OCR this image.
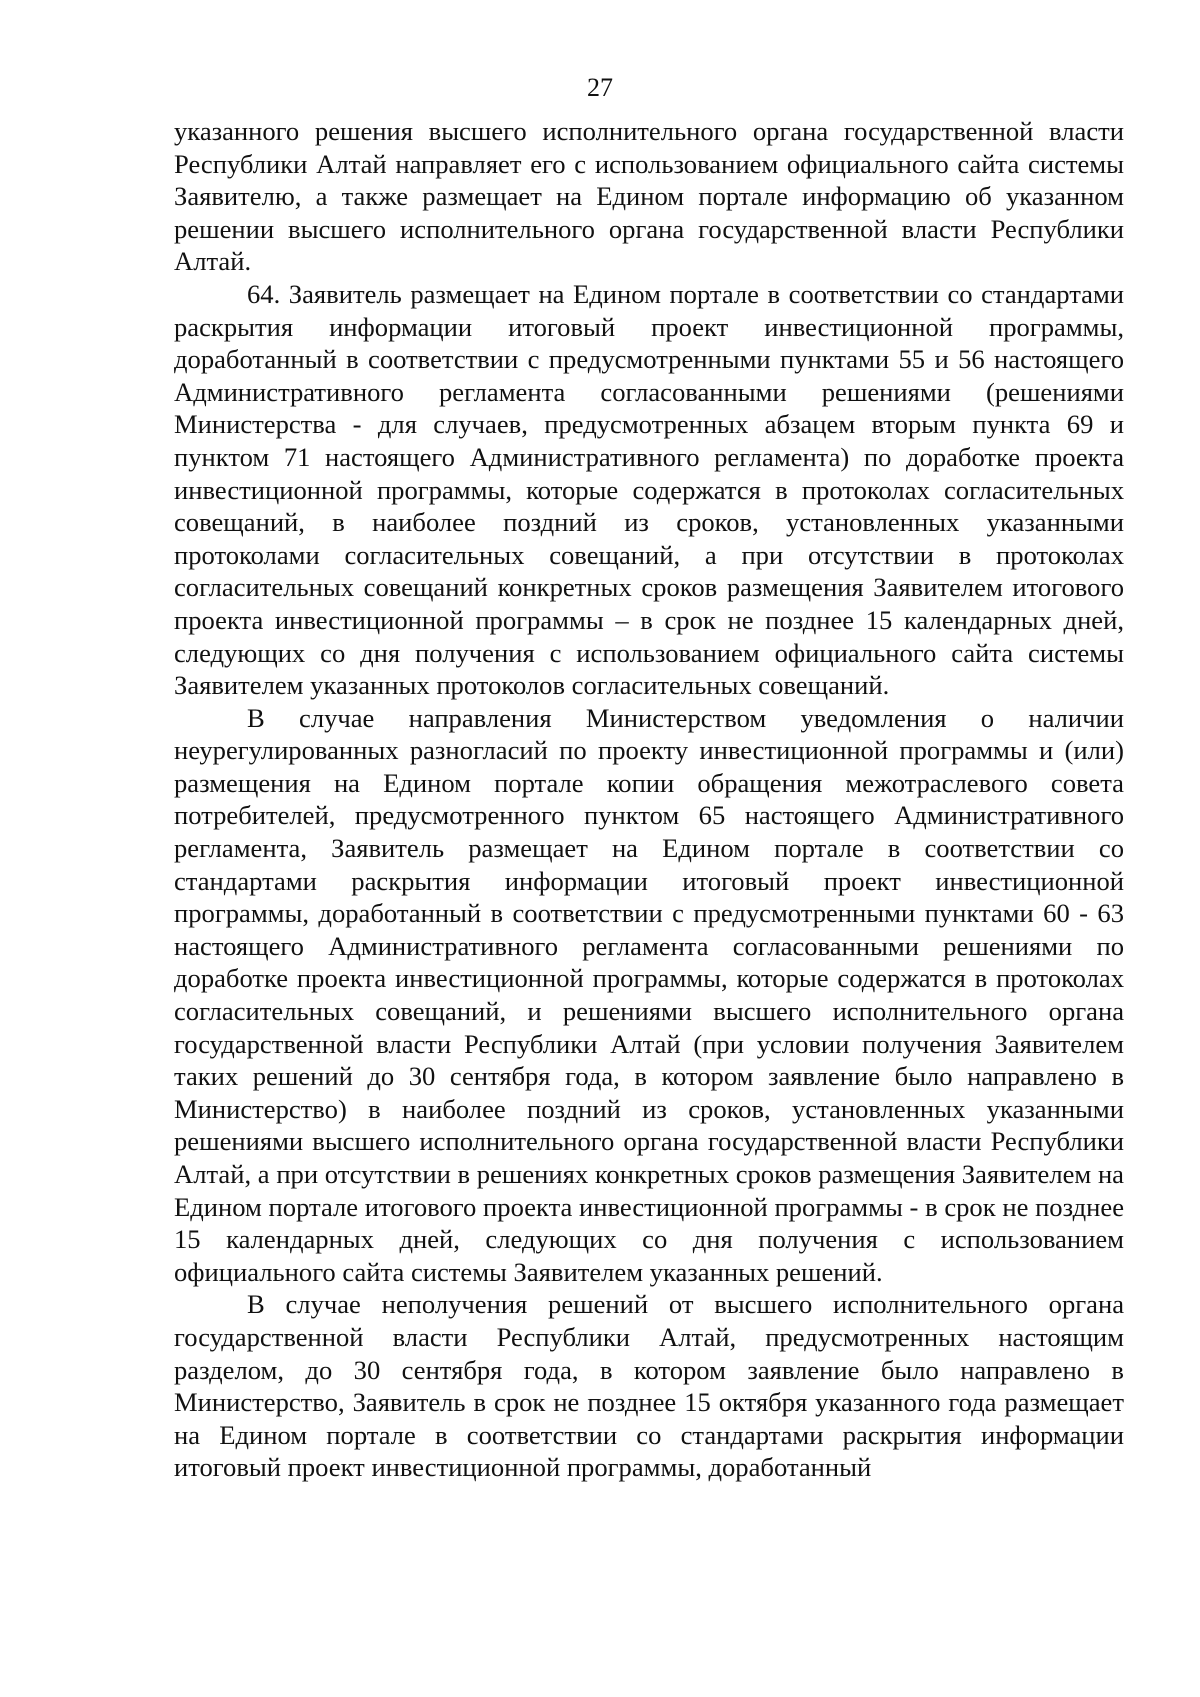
27

указанного решения высшего исполнительного органа государственной власти Республики Алтай направляет его с использованием официального сайта системы Заявителю, а также размещает на Едином портале информацию об указанном решении высшего исполнительного органа государственной власти Республики Алтай.

64. Заявитель размещает на Едином портале в соответствии со стандартами раскрытия информации итоговый проект инвестиционной программы, доработанный в соответствии с предусмотренными пунктами 55 и 56 настоящего Административного регламента согласованными решениями (решениями Министерства - для случаев, предусмотренных абзацем вторым пункта 69 и пунктом 71 настоящего Административного регламента) по доработке проекта инвестиционной программы, которые содержатся в протоколах согласительных совещаний, в наиболее поздний из сроков, установленных указанными протоколами согласительных совещаний, а при отсутствии в протоколах согласительных совещаний конкретных сроков размещения Заявителем итогового проекта инвестиционной программы – в срок не позднее 15 календарных дней, следующих со дня получения с использованием официального сайта системы Заявителем указанных протоколов согласительных совещаний.

В случае направления Министерством уведомления о наличии неурегулированных разногласий по проекту инвестиционной программы и (или) размещения на Едином портале копии обращения межотраслевого совета потребителей, предусмотренного пунктом 65 настоящего Административного регламента, Заявитель размещает на Едином портале в соответствии со стандартами раскрытия информации итоговый проект инвестиционной программы, доработанный в соответствии с предусмотренными пунктами 60 - 63 настоящего Административного регламента согласованными решениями по доработке проекта инвестиционной программы, которые содержатся в протоколах согласительных совещаний, и решениями высшего исполнительного органа государственной власти Республики Алтай (при условии получения Заявителем таких решений до 30 сентября года, в котором заявление было направлено в Министерство) в наиболее поздний из сроков, установленных указанными решениями высшего исполнительного органа государственной власти Республики Алтай, а при отсутствии в решениях конкретных сроков размещения Заявителем на Едином портале итогового проекта инвестиционной программы - в срок не позднее 15 календарных дней, следующих со дня получения с использованием официального сайта системы Заявителем указанных решений.

В случае неполучения решений от высшего исполнительного органа государственной власти Республики Алтай, предусмотренных настоящим разделом, до 30 сентября года, в котором заявление было направлено в Министерство, Заявитель в срок не позднее 15 октября указанного года размещает на Едином портале в соответствии со стандартами раскрытия информации итоговый проект инвестиционной программы, доработанный
